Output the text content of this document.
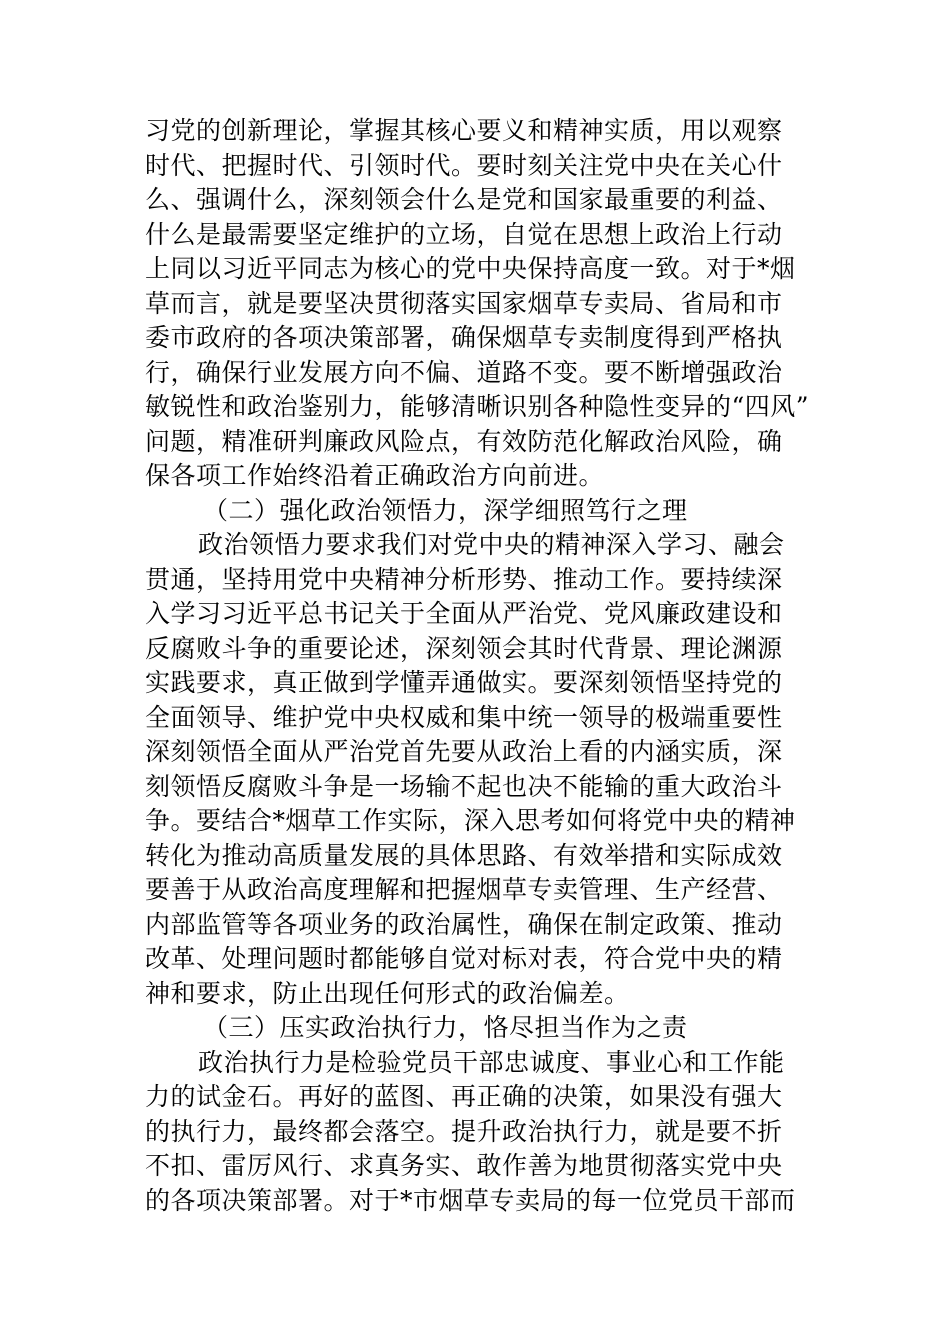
习党的创新理论，掌握其核心要义和精神实质，用以观察
时代、把握时代、引领时代。要时刻关注党中央在关心什
么、强调什么，深刻领会什么是党和国家最重要的利益、
什么是最需要坚定维护的立场，自觉在思想上政治上行动
上同以习近平同志为核心的党中央保持高度一致。对于*烟
草而言，就是要坚决贯彻落实国家烟草专卖局、省局和市
委市政府的各项决策部署，确保烟草专卖制度得到严格执
行，确保行业发展方向不偏、道路不变。要不断增强政治
敏锐性和政治鉴别力，能够清晰识别各种隐性变异的“四风”
问题，精准研判廉政风险点，有效防范化解政治风险，确
保各项工作始终沿着正确政治方向前进。
（二）强化政治领悟力，深学细照笃行之理
政治领悟力要求我们对党中央的精神深入学习、融会
贯通，坚持用党中央精神分析形势、推动工作。要持续深
入学习习近平总书记关于全面从严治党、党风廉政建设和
反腐败斗争的重要论述，深刻领会其时代背景、理论渊源
实践要求，真正做到学懂弄通做实。要深刻领悟坚持党的
全面领导、维护党中央权威和集中统一领导的极端重要性
深刻领悟全面从严治党首先要从政治上看的内涵实质，深
刻领悟反腐败斗争是一场输不起也决不能输的重大政治斗
争。要结合*烟草工作实际，深入思考如何将党中央的精神
转化为推动高质量发展的具体思路、有效举措和实际成效
要善于从政治高度理解和把握烟草专卖管理、生产经营、
内部监管等各项业务的政治属性，确保在制定政策、推动
改革、处理问题时都能够自觉对标对表，符合党中央的精
神和要求，防止出现任何形式的政治偏差。
（三）压实政治执行力，恪尽担当作为之责
政治执行力是检验党员干部忠诚度、事业心和工作能
力的试金石。再好的蓝图、再正确的决策，如果没有强大
的执行力，最终都会落空。提升政治执行力，就是要不折
不扣、雷厉风行、求真务实、敢作善为地贯彻落实党中央
的各项决策部署。对于*市烟草专卖局的每一位党员干部而
